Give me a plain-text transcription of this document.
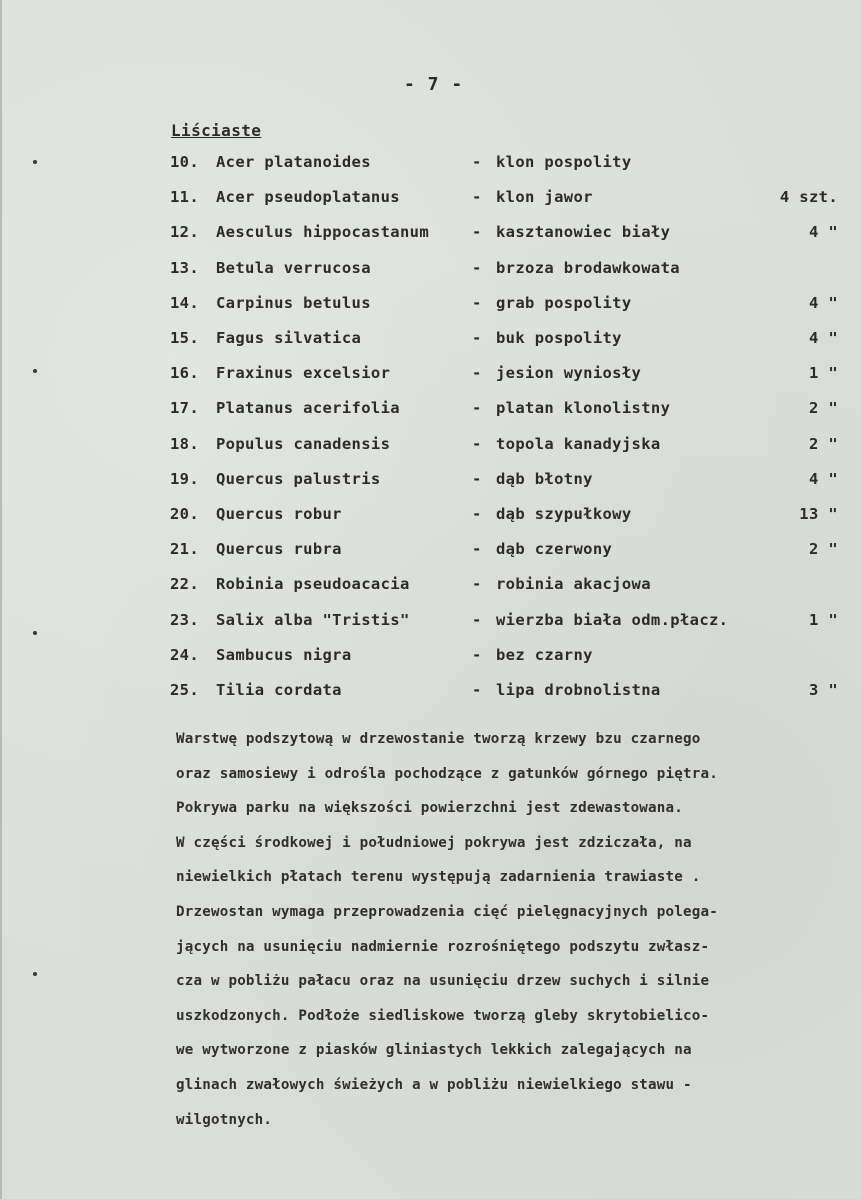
- 7 -
Liściaste
10. Acer platanoides	- klon pospolity
11. Acer pseudoplatanus	- klon jawor	4 szt.
12. Aesculus hippocastanum	- kasztanowiec biały	4 "
13. Betula verrucosa	- brzoza brodawkowata
14. Carpinus betulus	- grab pospolity	4 "
15. Fagus silvatica	- buk pospolity	4 "
16. Fraxinus excelsior	- jesion wyniosły	1 "
17. Platanus acerifolia	- platan klonolistny	2 "
18. Populus canadensis	- topola kanadyjska	2 "
19. Quercus palustris	- dąb błotny	4 "
20. Quercus robur	- dąb szypułkowy	13 "
21. Quercus rubra	- dąb czerwony	2 "
22. Robinia pseudoacacia	- robinia akacjowa
23. Salix alba "Tristis"	- wierzba biała odm.płacz.	1 "
24. Sambucus nigra	- bez czarny
25. Tilia cordata	- lipa drobnolistna	3 "
Warstwę podszytową w drzewostanie tworzą krzewy bzu czarnego
oraz samosiewy i odrośla pochodzące z gatunków górnego piętra.
Pokrywa parku na większości powierzchni jest zdewastowana.
W części środkowej i południowej pokrywa jest zdziczała, na
niewielkich płatach terenu występują zadarnienia trawiaste .
Drzewostan wymaga przeprowadzenia cięć pielęgnacyjnych polega-
jących na usunięciu nadmiernie rozrośniętego podszytu zwłasz-
cza w pobliżu pałacu oraz na usunięciu drzew suchych i silnie
uszkodzonych. Podłoże siedliskowe tworzą gleby skrytobielico-
we wytworzone z piasków gliniastych lekkich zalegających na
glinach zwałowych świeżych a w pobliżu niewielkiego stawu -
wilgotnych.
